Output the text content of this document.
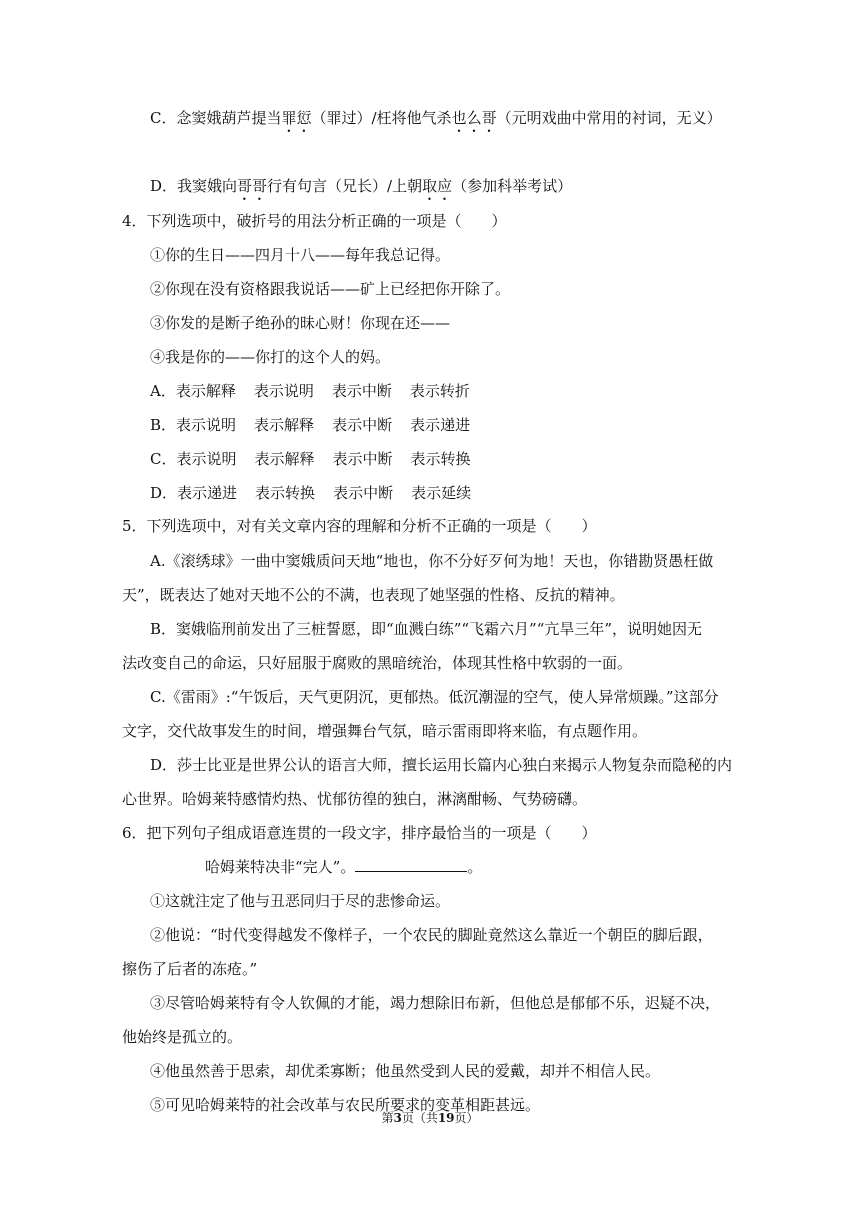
C．念窦娥葫芦提当罪愆（罪过）/枉将他气杀也么哥（元明戏曲中常用的衬词，无义）
D．我窦娥向哥哥行有句言（兄长）/上朝取应（参加科举考试）
4．下列选项中，破折号的用法分析正确的一项是（　　）
①你的生日——四月十八——每年我总记得。
②你现在没有资格跟我说话——矿上已经把你开除了。
③你发的是断子绝孙的昧心财！你现在还——
④我是你的——你打的这个人的妈。
A．表示解释 表示说明 表示中断 表示转折
B．表示说明 表示解释 表示中断 表示递进
C．表示说明 表示解释 表示中断 表示转换
D．表示递进 表示转换 表示中断 表示延续
5．下列选项中，对有关文章内容的理解和分析不正确的一项是（　　）
A.《滚绣球》一曲中窦娥质问天地“地也，你不分好歹何为地！天也，你错勘贤愚枉做
天”，既表达了她对天地不公的不满，也表现了她坚强的性格、反抗的精神。
B．窦娥临刑前发出了三桩誓愿，即“血溅白练”“飞霜六月”“亢旱三年”，说明她因无
法改变自己的命运，只好屈服于腐败的黑暗统治，体现其性格中软弱的一面。
C.《雷雨》:“午饭后，天气更阴沉，更郁热。低沉潮湿的空气，使人异常烦躁。”这部分
文字，交代故事发生的时间，增强舞台气氛，暗示雷雨即将来临，有点题作用。
D．莎士比亚是世界公认的语言大师，擅长运用长篇内心独白来揭示人物复杂而隐秘的内
心世界。哈姆莱特感情灼热、忧郁彷徨的独白，淋漓酣畅、气势磅礴。
6．把下列句子组成语意连贯的一段文字，排序最恰当的一项是（　　）
哈姆莱特决非“完人”。	。
①这就注定了他与丑恶同归于尽的悲惨命运。
②他说：“时代变得越发不像样子，一个农民的脚趾竟然这么靠近一个朝臣的脚后跟，
擦伤了后者的冻疮。”
③尽管哈姆莱特有令人钦佩的才能，竭力想除旧布新，但他总是郁郁不乐，迟疑不决，
他始终是孤立的。
④他虽然善于思索，却优柔寡断；他虽然受到人民的爱戴，却并不相信人民。
⑤可见哈姆莱特的社会改革与农民所要求的变革相距甚远。
第3页（共19页）
